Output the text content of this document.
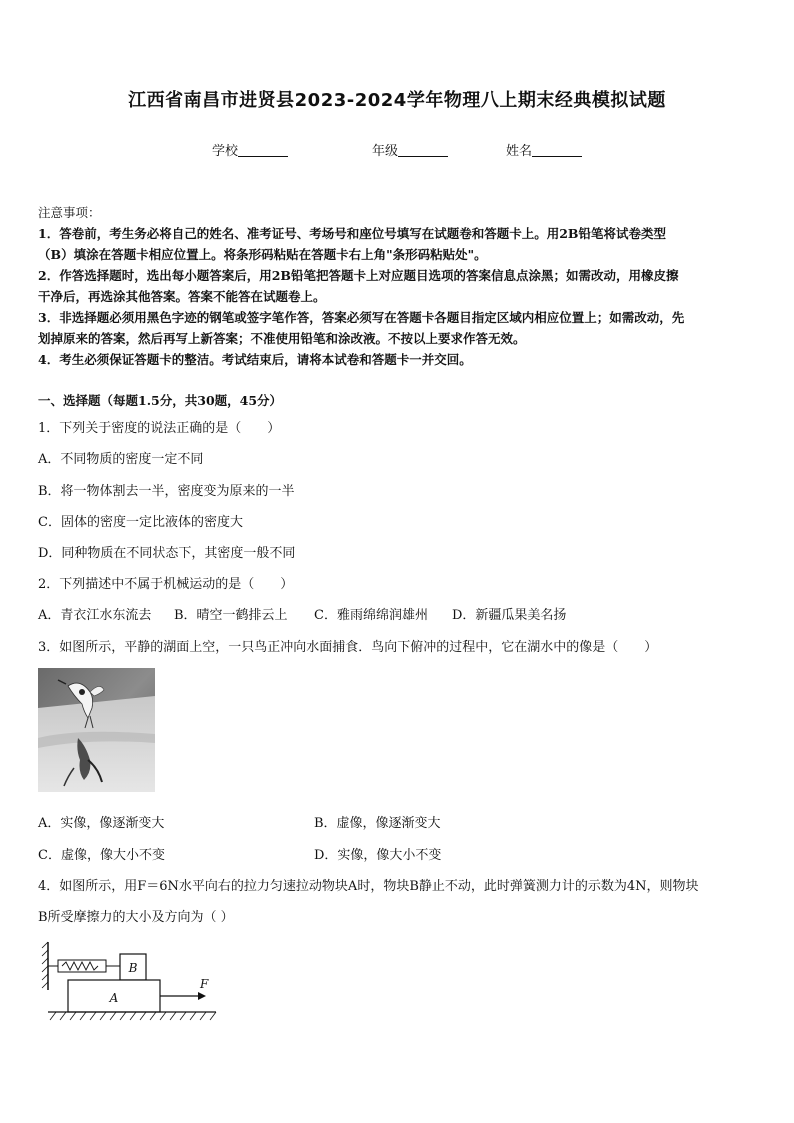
江西省南昌市进贤县2023-2024学年物理八上期末经典模拟试题
学校	年级	姓名
注意事项：
1．答卷前，考生务必将自己的姓名、准考证号、考场号和座位号填写在试题卷和答题卡上。用2B铅笔将试卷类型
（B）填涂在答题卡相应位置上。将条形码粘贴在答题卡右上角"条形码粘贴处"。
2．作答选择题时，选出每小题答案后，用2B铅笔把答题卡上对应题目选项的答案信息点涂黑；如需改动，用橡皮擦
干净后，再选涂其他答案。答案不能答在试题卷上。
3．非选择题必须用黑色字迹的钢笔或签字笔作答，答案必须写在答题卡各题目指定区域内相应位置上；如需改动，先
划掉原来的答案，然后再写上新答案；不准使用铅笔和涂改液。不按以上要求作答无效。
4．考生必须保证答题卡的整洁。考试结束后，请将本试卷和答题卡一并交回。
一、选择题（每题1.5分，共30题，45分）
1．下列关于密度的说法正确的是（　　）
A．不同物质的密度一定不同
B．将一物体割去一半，密度变为原来的一半
C．固体的密度一定比液体的密度大
D．同种物质在不同状态下，其密度一般不同
2．下列描述中不属于机械运动的是（　　）
A．青衣江水东流去 B．晴空一鹤排云上 C．雅雨绵绵润雄州 D．新疆瓜果美名扬
3．如图所示，平静的湖面上空，一只鸟正冲向水面捕食．鸟向下俯冲的过程中，它在湖水中的像是（　　）
A．实像，像逐渐变大	B．虚像，像逐渐变大
C．虚像，像大小不变	D．实像，像大小不变
4．如图所示，用F＝6N水平向右的拉力匀速拉动物块A时，物块B静止不动，此时弹簧测力计的示数为4N，则物块
B所受摩擦力的大小及方向为（ ）
B
A
F
